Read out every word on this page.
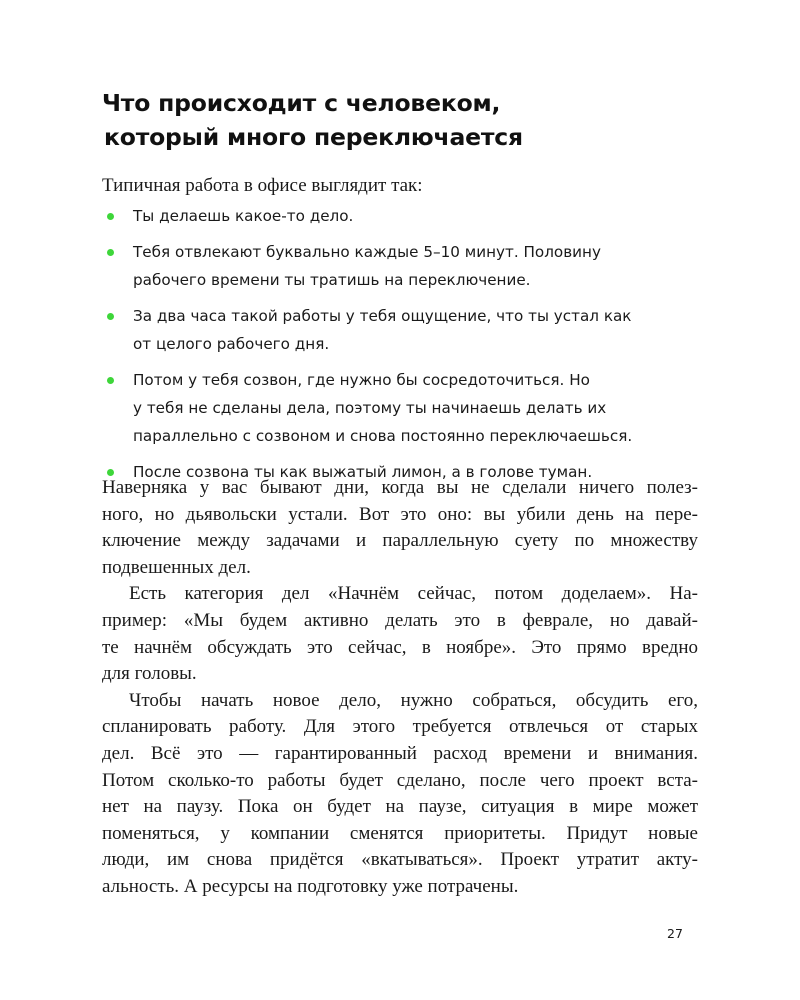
Что происходит с человеком,
который много переключается

Типичная работа в офисе выглядит так:

Ты делаешь какое-то дело.
Тебя отвлекают буквально каждые 5–10 минут. Половину
рабочего времени ты тратишь на переключение.
За два часа такой работы у тебя ощущение, что ты устал как
от целого рабочего дня.
Потом у тебя созвон, где нужно бы сосредоточиться. Но
у тебя не сделаны дела, поэтому ты начинаешь делать их
параллельно с созвоном и снова постоянно переключаешься.
После созвона ты как выжатый лимон, а в голове туман.
Наверняка у вас бывают дни, когда вы не сделали ничего полез-
ного, но дьявольски устали. Вот это оно: вы убили день на пере-
ключение между задачами и параллельную суету по множеству
подвешенных дел.
Есть категория дел «Начнём сейчас, потом доделаем». На-
пример: «Мы будем активно делать это в феврале, но давай-
те начнём обсуждать это сейчас, в ноябре». Это прямо вредно
для головы.
Чтобы начать новое дело, нужно собраться, обсудить его,
спланировать работу. Для этого требуется отвлечься от старых
дел. Всё это — гарантированный расход времени и внимания.
Потом сколько-то работы будет сделано, после чего проект вста-
нет на паузу. Пока он будет на паузе, ситуация в мире может
поменяться, у компании сменятся приоритеты. Придут новые
люди, им снова придётся «вкатываться». Проект утратит акту-
альность. А ресурсы на подготовку уже потрачены.
27
